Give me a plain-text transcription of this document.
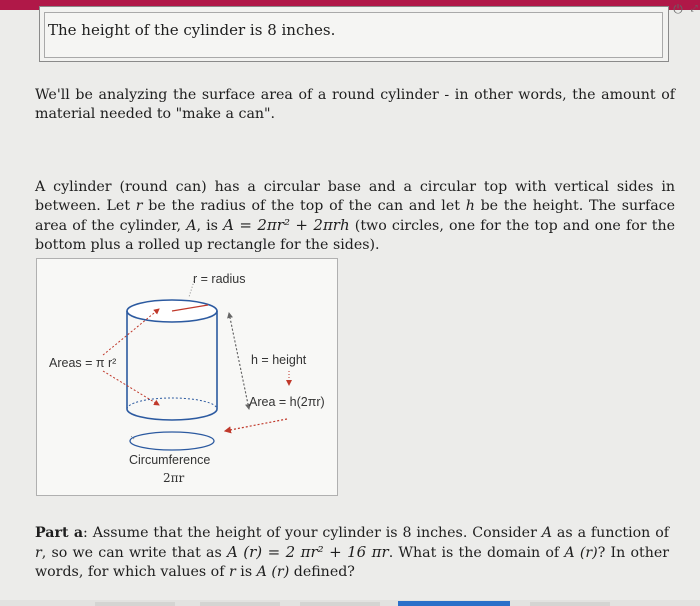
⏻ ⤢
The height of the cylinder is 8 inches.
We'll be analyzing the surface area of a round cylinder - in other words, the amount of material needed to "make a can".
A cylinder (round can) has a circular base and a circular top with vertical sides in between. Let r be the radius of the top of the can and let h be the height. The surface area of the cylinder, A, is A = 2πr² + 2πrh (two circles, one for the top and one for the bottom plus a rolled up rectangle for the sides).
r = radius
Areas = π r²	h = height
Area = h(2πr)
Circumference
2πr
Part a: Assume that the height of your cylinder is 8 inches. Consider A as a function of r, so we can write that as A (r) = 2 πr² + 16 πr. What is the domain of A (r)? In other words, for which values of r is A (r) defined?
